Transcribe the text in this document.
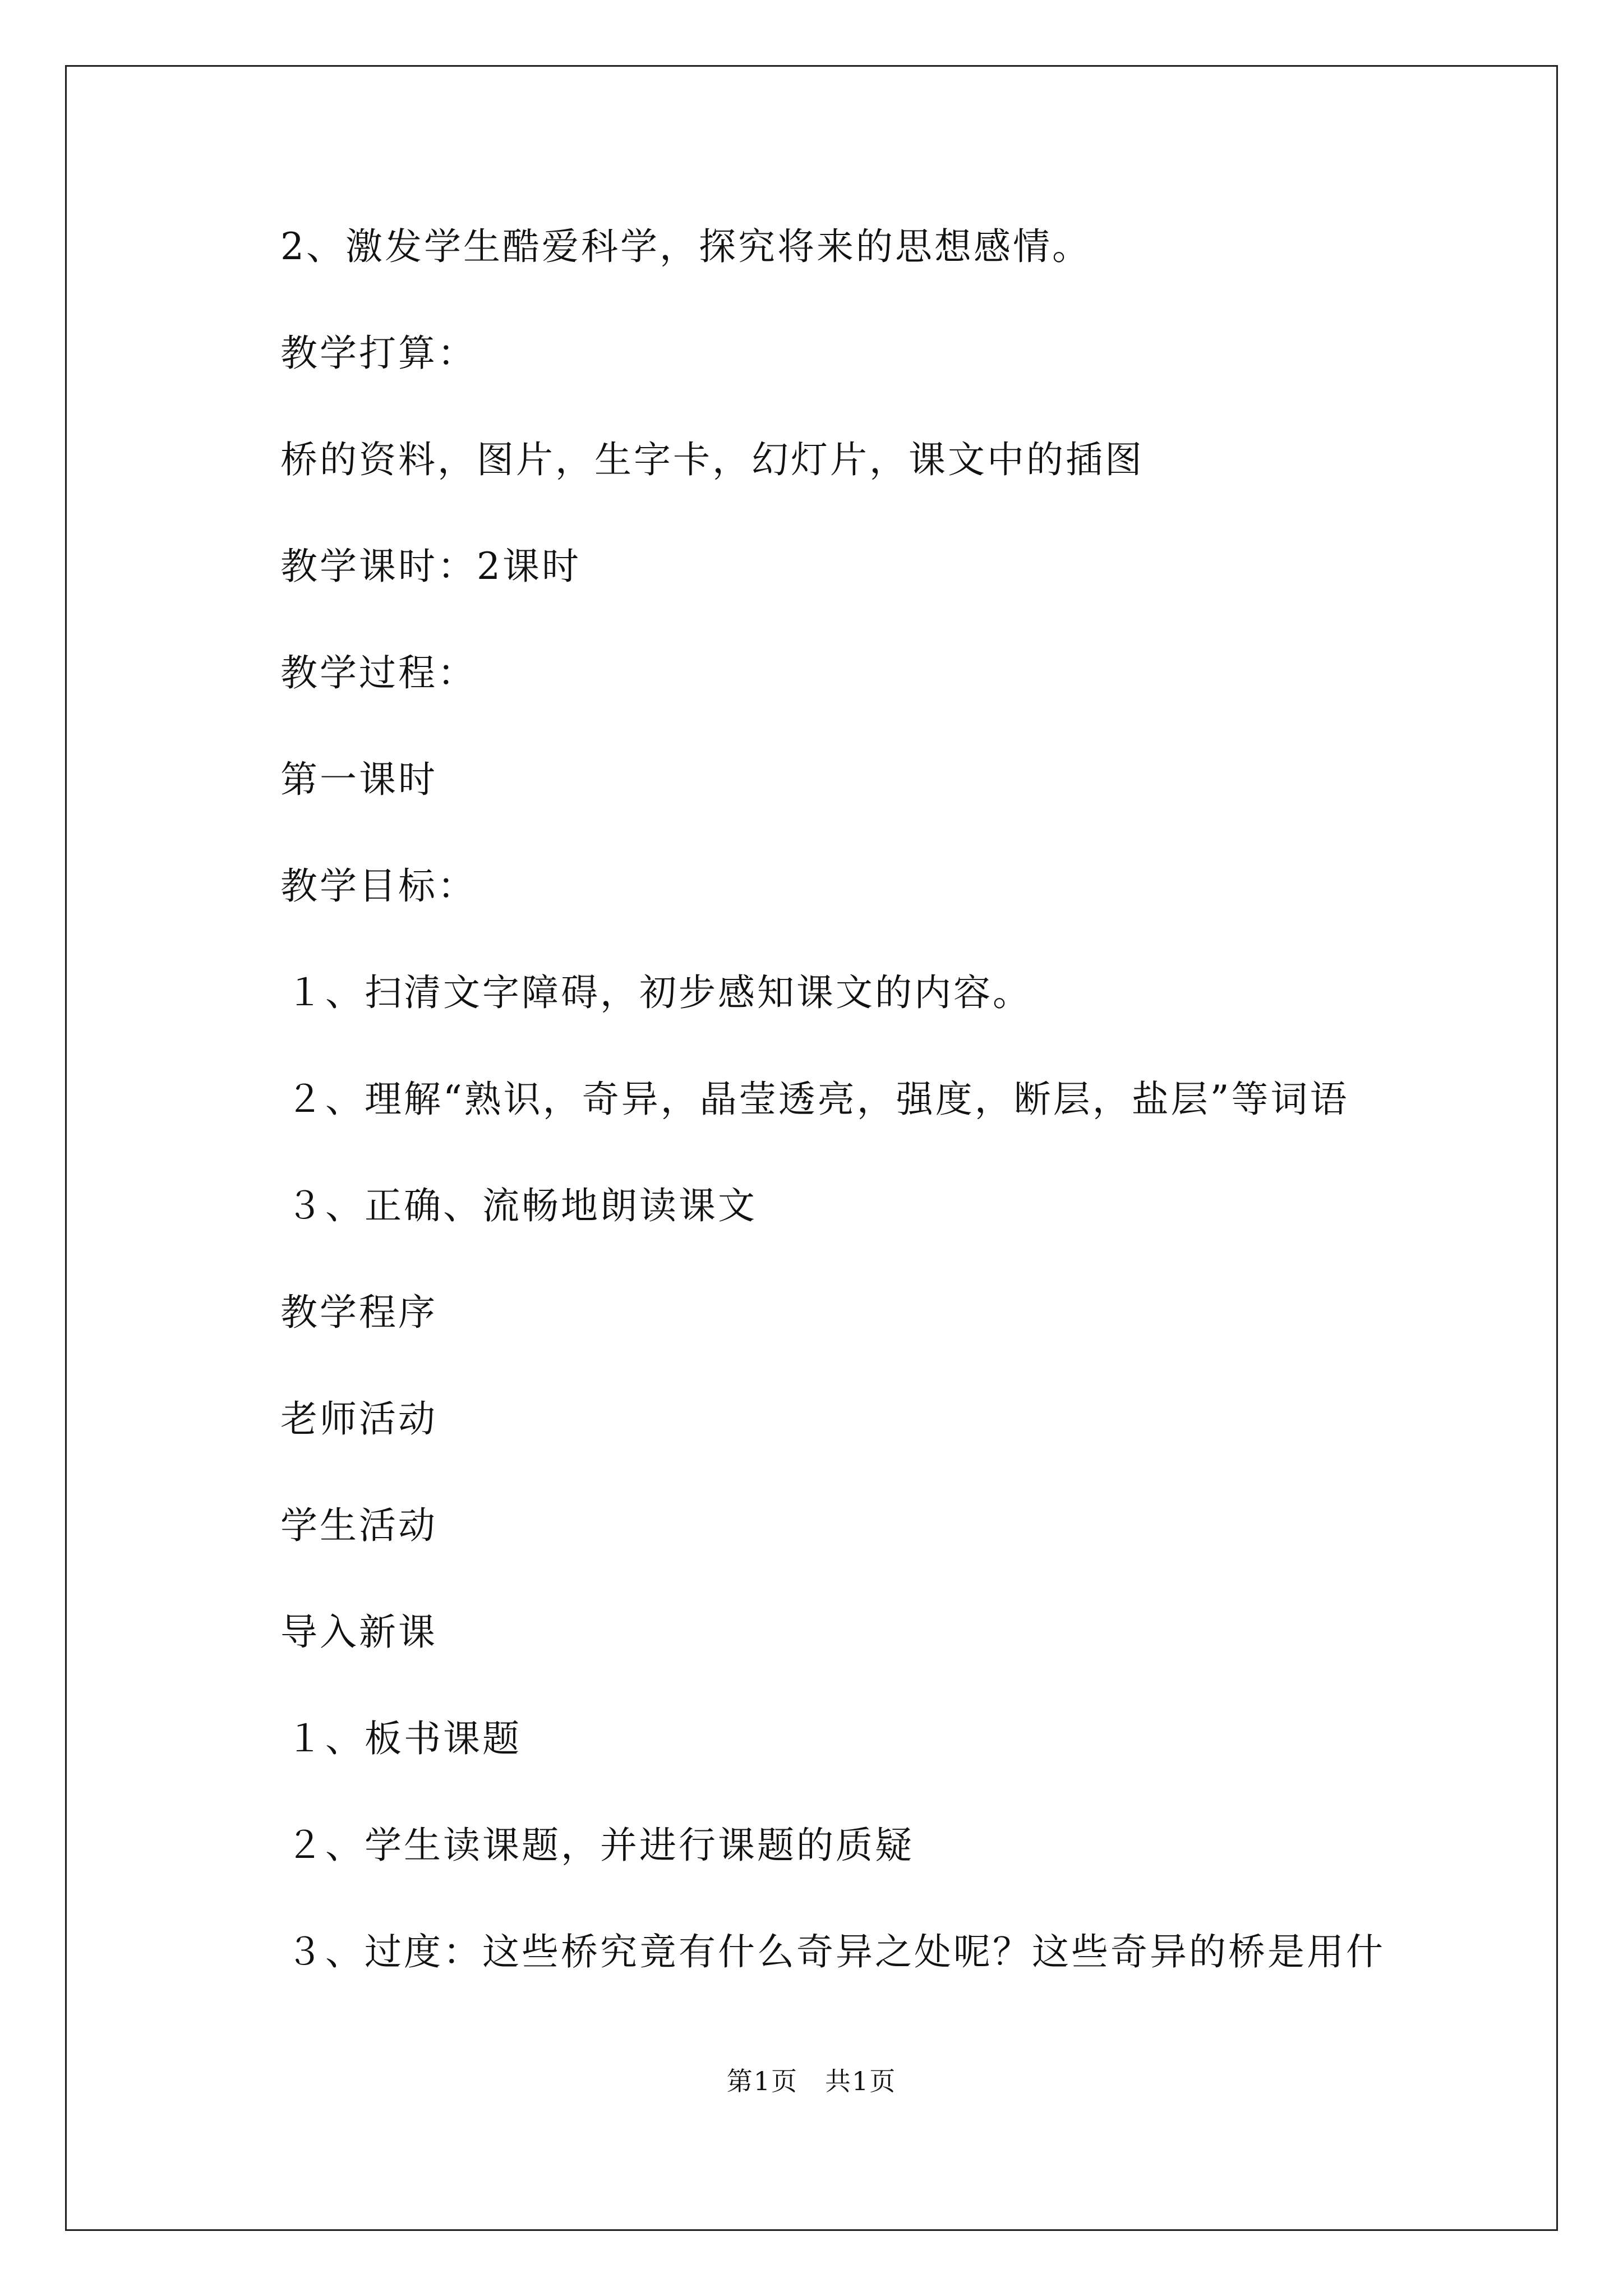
2、激发学生酷爱科学，探究将来的思想感情。
教学打算：
桥的资料，图片，生字卡，幻灯片，课文中的插图
教学课时：2课时
教学过程：
第一课时
教学目标：
１、扫清文字障碍，初步感知课文的内容。
２、理解“熟识，奇异，晶莹透亮，强度，断层，盐层”等词语
３、正确、流畅地朗读课文
教学程序
老师活动
学生活动
导入新课
１、板书课题
２、学生读课题，并进行课题的质疑
３、过度：这些桥究竟有什么奇异之处呢？这些奇异的桥是用什
第1页　共1页
